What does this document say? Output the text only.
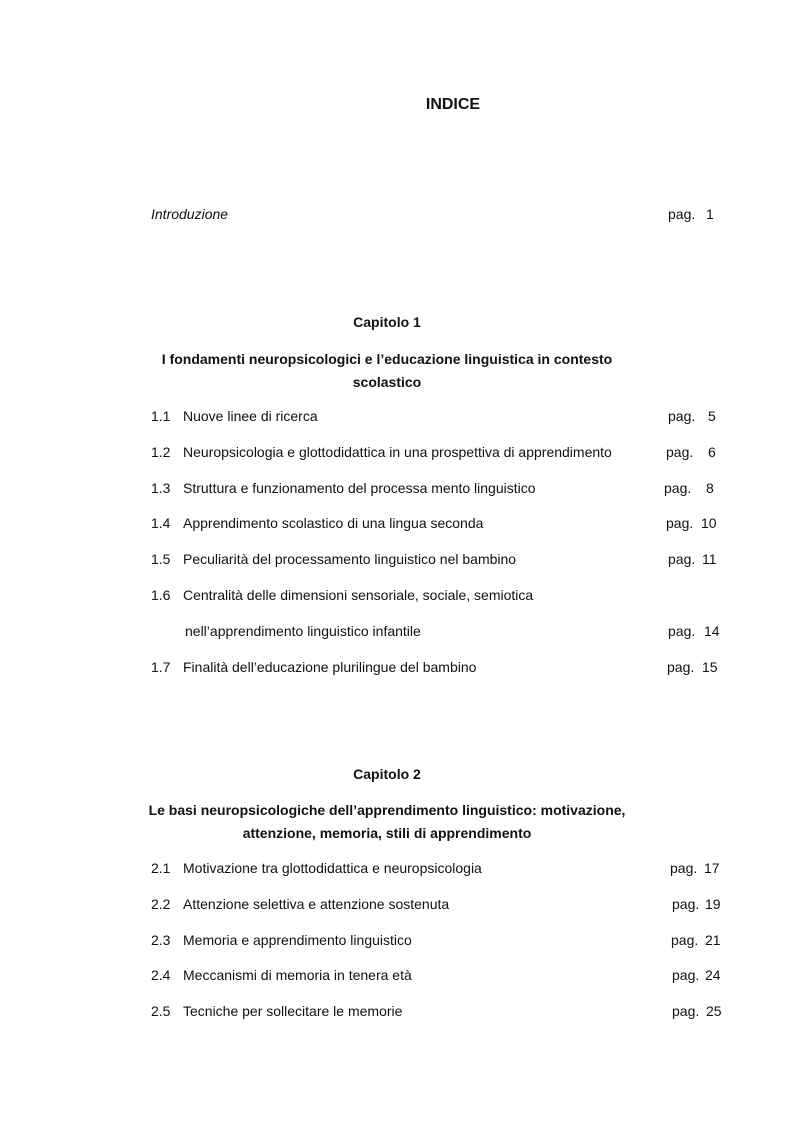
INDICE
Introduzione	pag. 1
Capitolo 1
I fondamenti neuropsicologici e l’educazione linguistica in contesto scolastico
1.1 Nuove linee di ricerca	pag. 5
1.2 Neuropsicologia e glottodidattica in una prospettiva di apprendimento	pag. 6
1.3 Struttura e funzionamento del processa mento linguistico	pag. 8
1.4 Apprendimento scolastico di una lingua seconda	pag. 10
1.5 Peculiarità del processamento linguistico nel bambino	pag. 11
1.6 Centralità delle dimensioni sensoriale, sociale, semiotica
nell’apprendimento linguistico infantile	pag. 14
1.7 Finalità dell’educazione plurilingue del bambino	pag. 15
Capitolo 2
Le basi neuropsicologiche dell’apprendimento linguistico: motivazione, attenzione, memoria, stili di apprendimento
2.1 Motivazione tra glottodidattica e neuropsicologia	pag. 17
2.2 Attenzione selettiva e attenzione sostenuta	pag. 19
2.3 Memoria e apprendimento linguistico	pag. 21
2.4 Meccanismi di memoria in tenera età	pag. 24
2.5 Tecniche per sollecitare le memorie	pag. 25
